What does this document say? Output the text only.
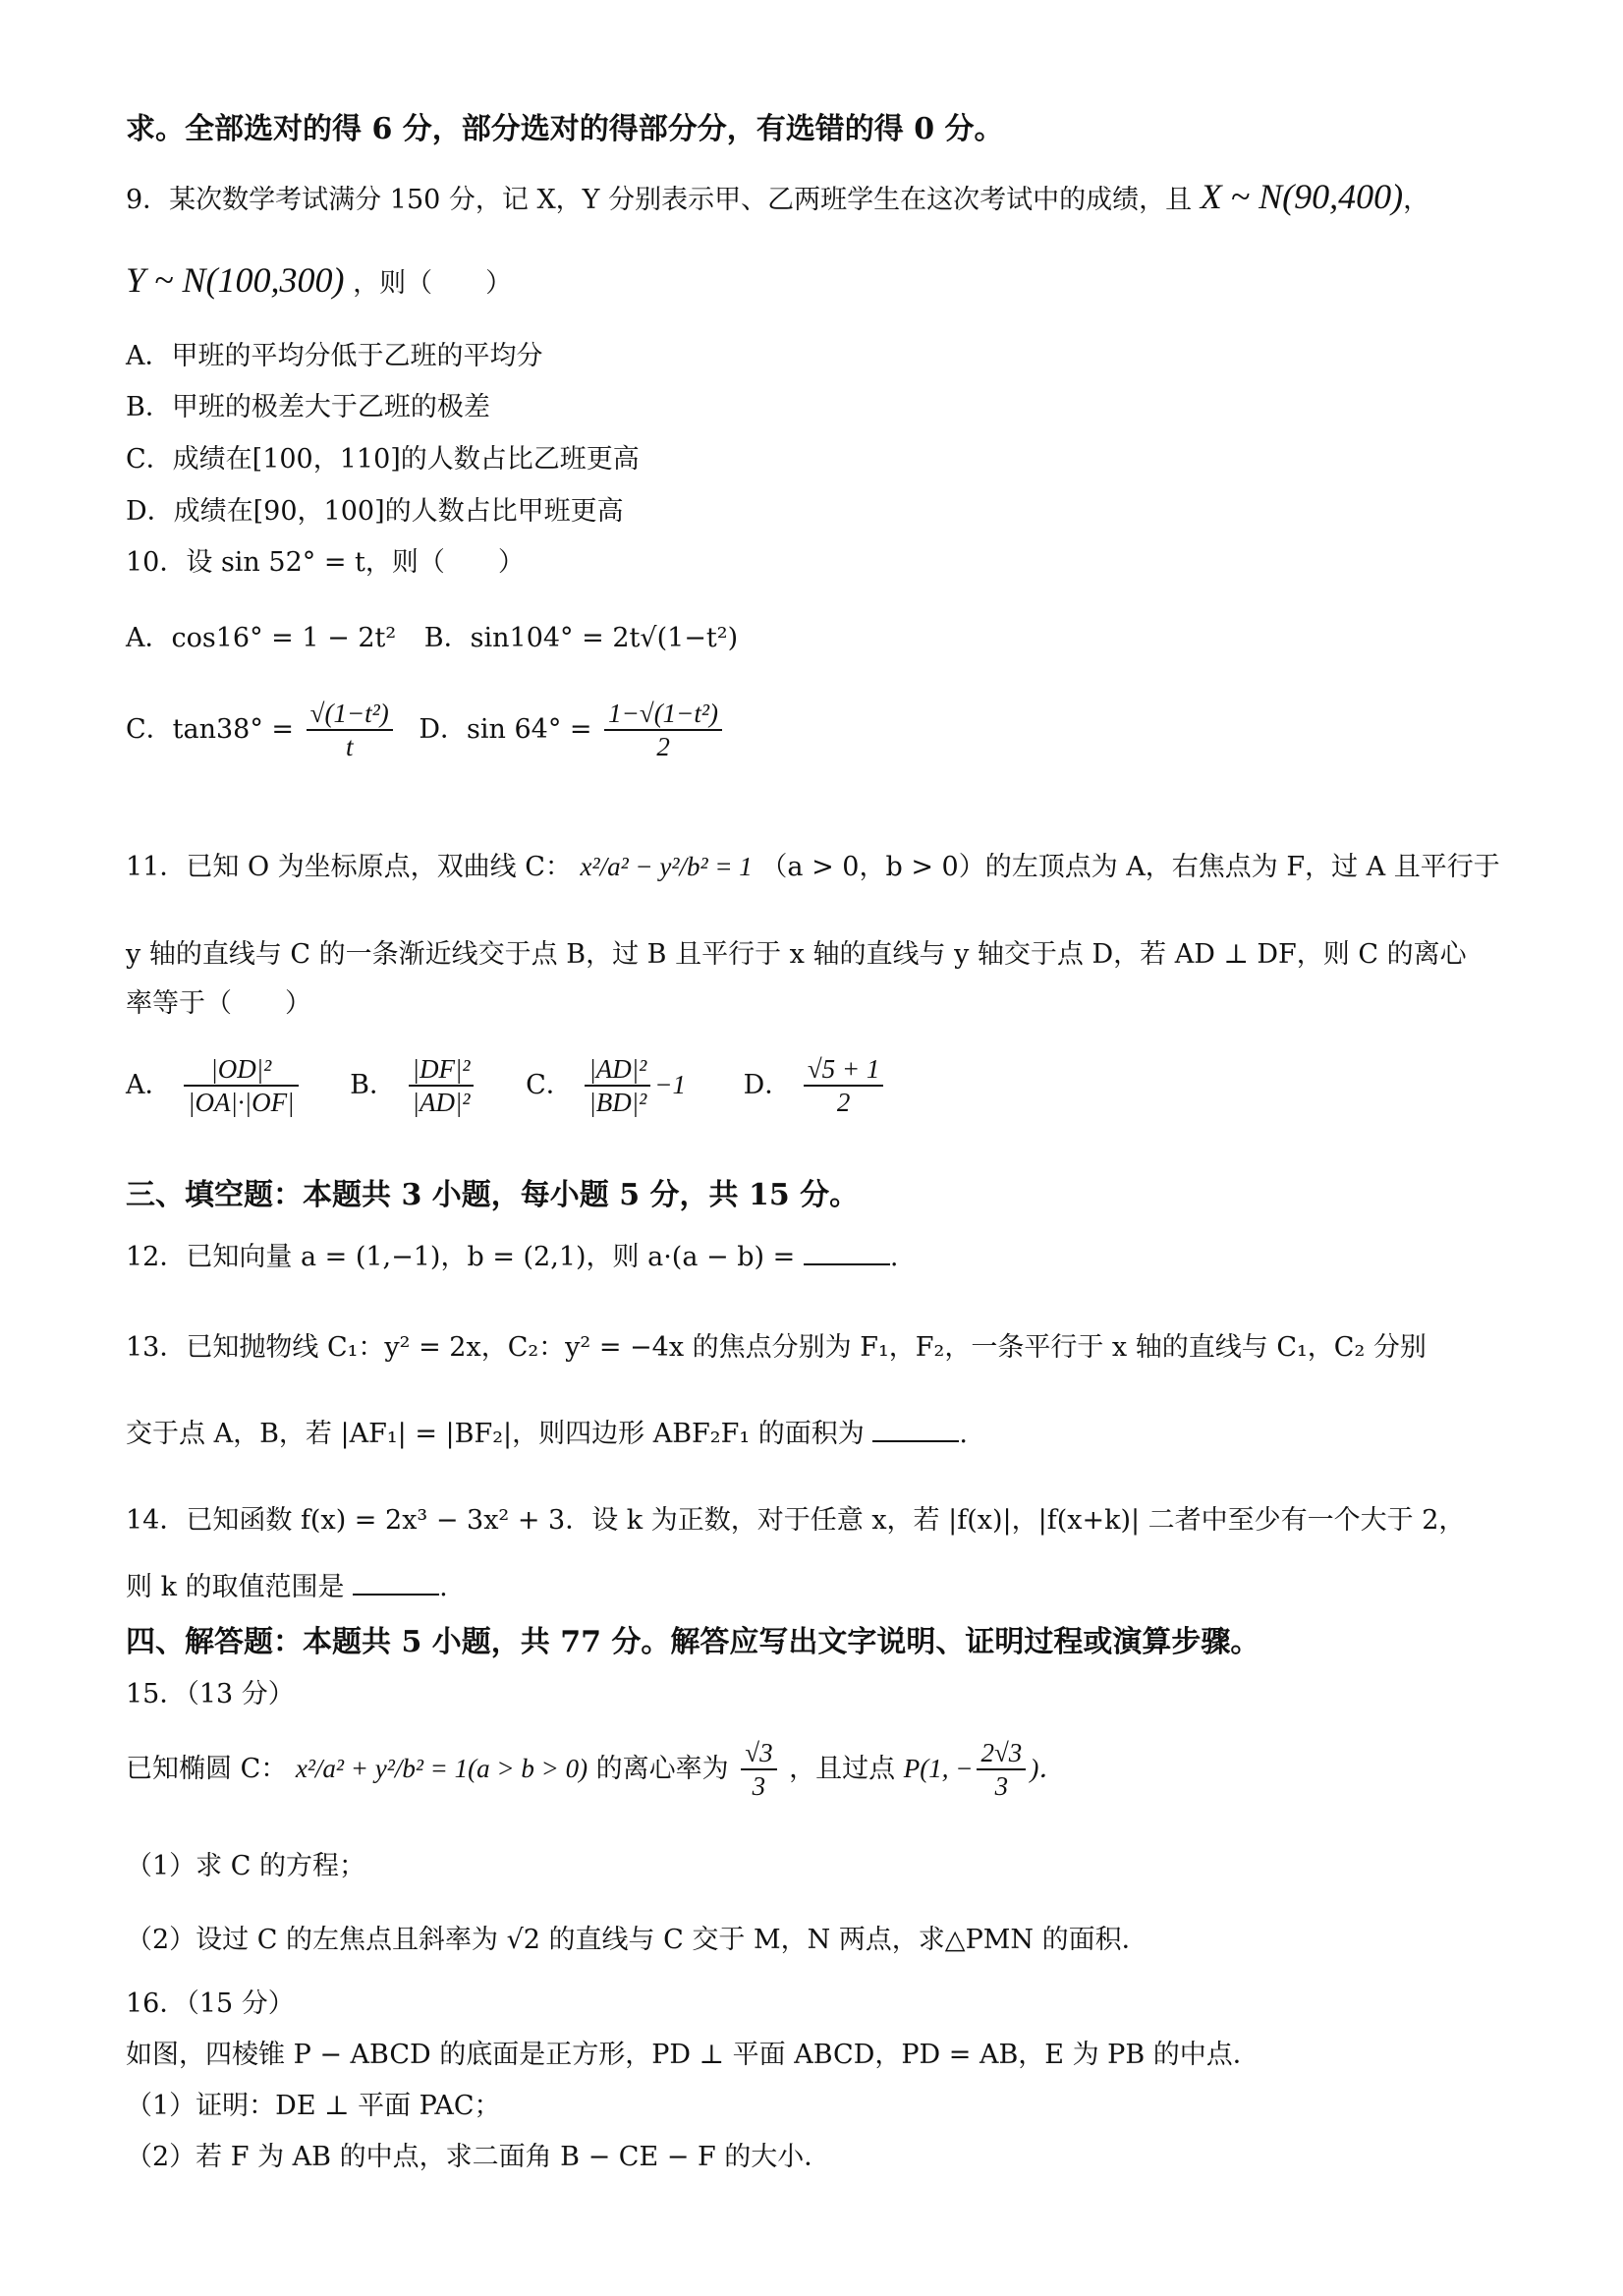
求。全部选对的得 6 分，部分选对的得部分分，有选错的得 0 分。
9．某次数学考试满分 150 分，记 X，Y 分别表示甲、乙两班学生在这次考试中的成绩，且 X ~ N(90,400)，
Y ~ N(100,300) ，则（　　）
A．甲班的平均分低于乙班的平均分
B．甲班的极差大于乙班的极差
C．成绩在[100，110]的人数占比乙班更高
D．成绩在[90，100]的人数占比甲班更高
10．设 sin 52° = t，则（　　）
A．cos16° = 1 − 2t² B．sin104° = 2t√(1−t²)
C．$\tan 38^\circ = \frac{\text{√(1−t²)}}{t}$ D．$\sin 64^\circ = \frac{\text{1−√(1−t²)}}{2}$
11．已知 O 为坐标原点，双曲线 C： x²/a² − y²/b² = 1 （a > 0，b > 0）的左顶点为 A，右焦点为 F，过 A 且平行于
y 轴的直线与 C 的一条渐近线交于点 B，过 B 且平行于 x 轴的直线与 y 轴交于点 D，若 AD ⊥ DF，则 C 的离心
率等于（　　）
A． $\frac{\text{|OD|²}}{|OA|\cdot|OF|}$ B． $\frac{\text{|DF|²}}{\text{|AD|²}}$ C． $\frac{\text{|AD|²}}{\text{|BD|²}} -1$ D． $\frac{√5 + 1}{2}$
三、填空题：本题共 3 小题，每小题 5 分，共 15 分。
12．已知向量 a = (1,−1)，b = (2,1)，则 a·(a − b) =	.
13．已知抛物线 C₁：y² = 2x，C₂：y² = −4x 的焦点分别为 F₁，F₂，一条平行于 x 轴的直线与 C₁，C₂ 分别
交于点 A，B，若 |AF₁| = |BF₂|，则四边形 ABF₂F₁ 的面积为	.
14．已知函数 f(x) = 2x³ − 3x² + 3．设 k 为正数，对于任意 x，若 |f(x)|，|f(x+k)| 二者中至少有一个大于 2，
则 k 的取值范围是	.
四、解答题：本题共 5 小题，共 77 分。解答应写出文字说明、证明过程或演算步骤。
15．（13 分）
已知椭圆 C： x²/a² + y²/b² = 1(a > b > 0) 的离心率为 $\frac{√3}{3}$ ，且过点 P(1, − $\frac{2√3}{3}$ )．
（1）求 C 的方程；
（2）设过 C 的左焦点且斜率为 √2 的直线与 C 交于 M，N 两点，求△PMN 的面积．
16．（15 分）
如图，四棱锥 P − ABCD 的底面是正方形，PD ⊥ 平面 ABCD，PD = AB，E 为 PB 的中点．
（1）证明：DE ⊥ 平面 PAC；
（2）若 F 为 AB 的中点，求二面角 B − CE − F 的大小．
